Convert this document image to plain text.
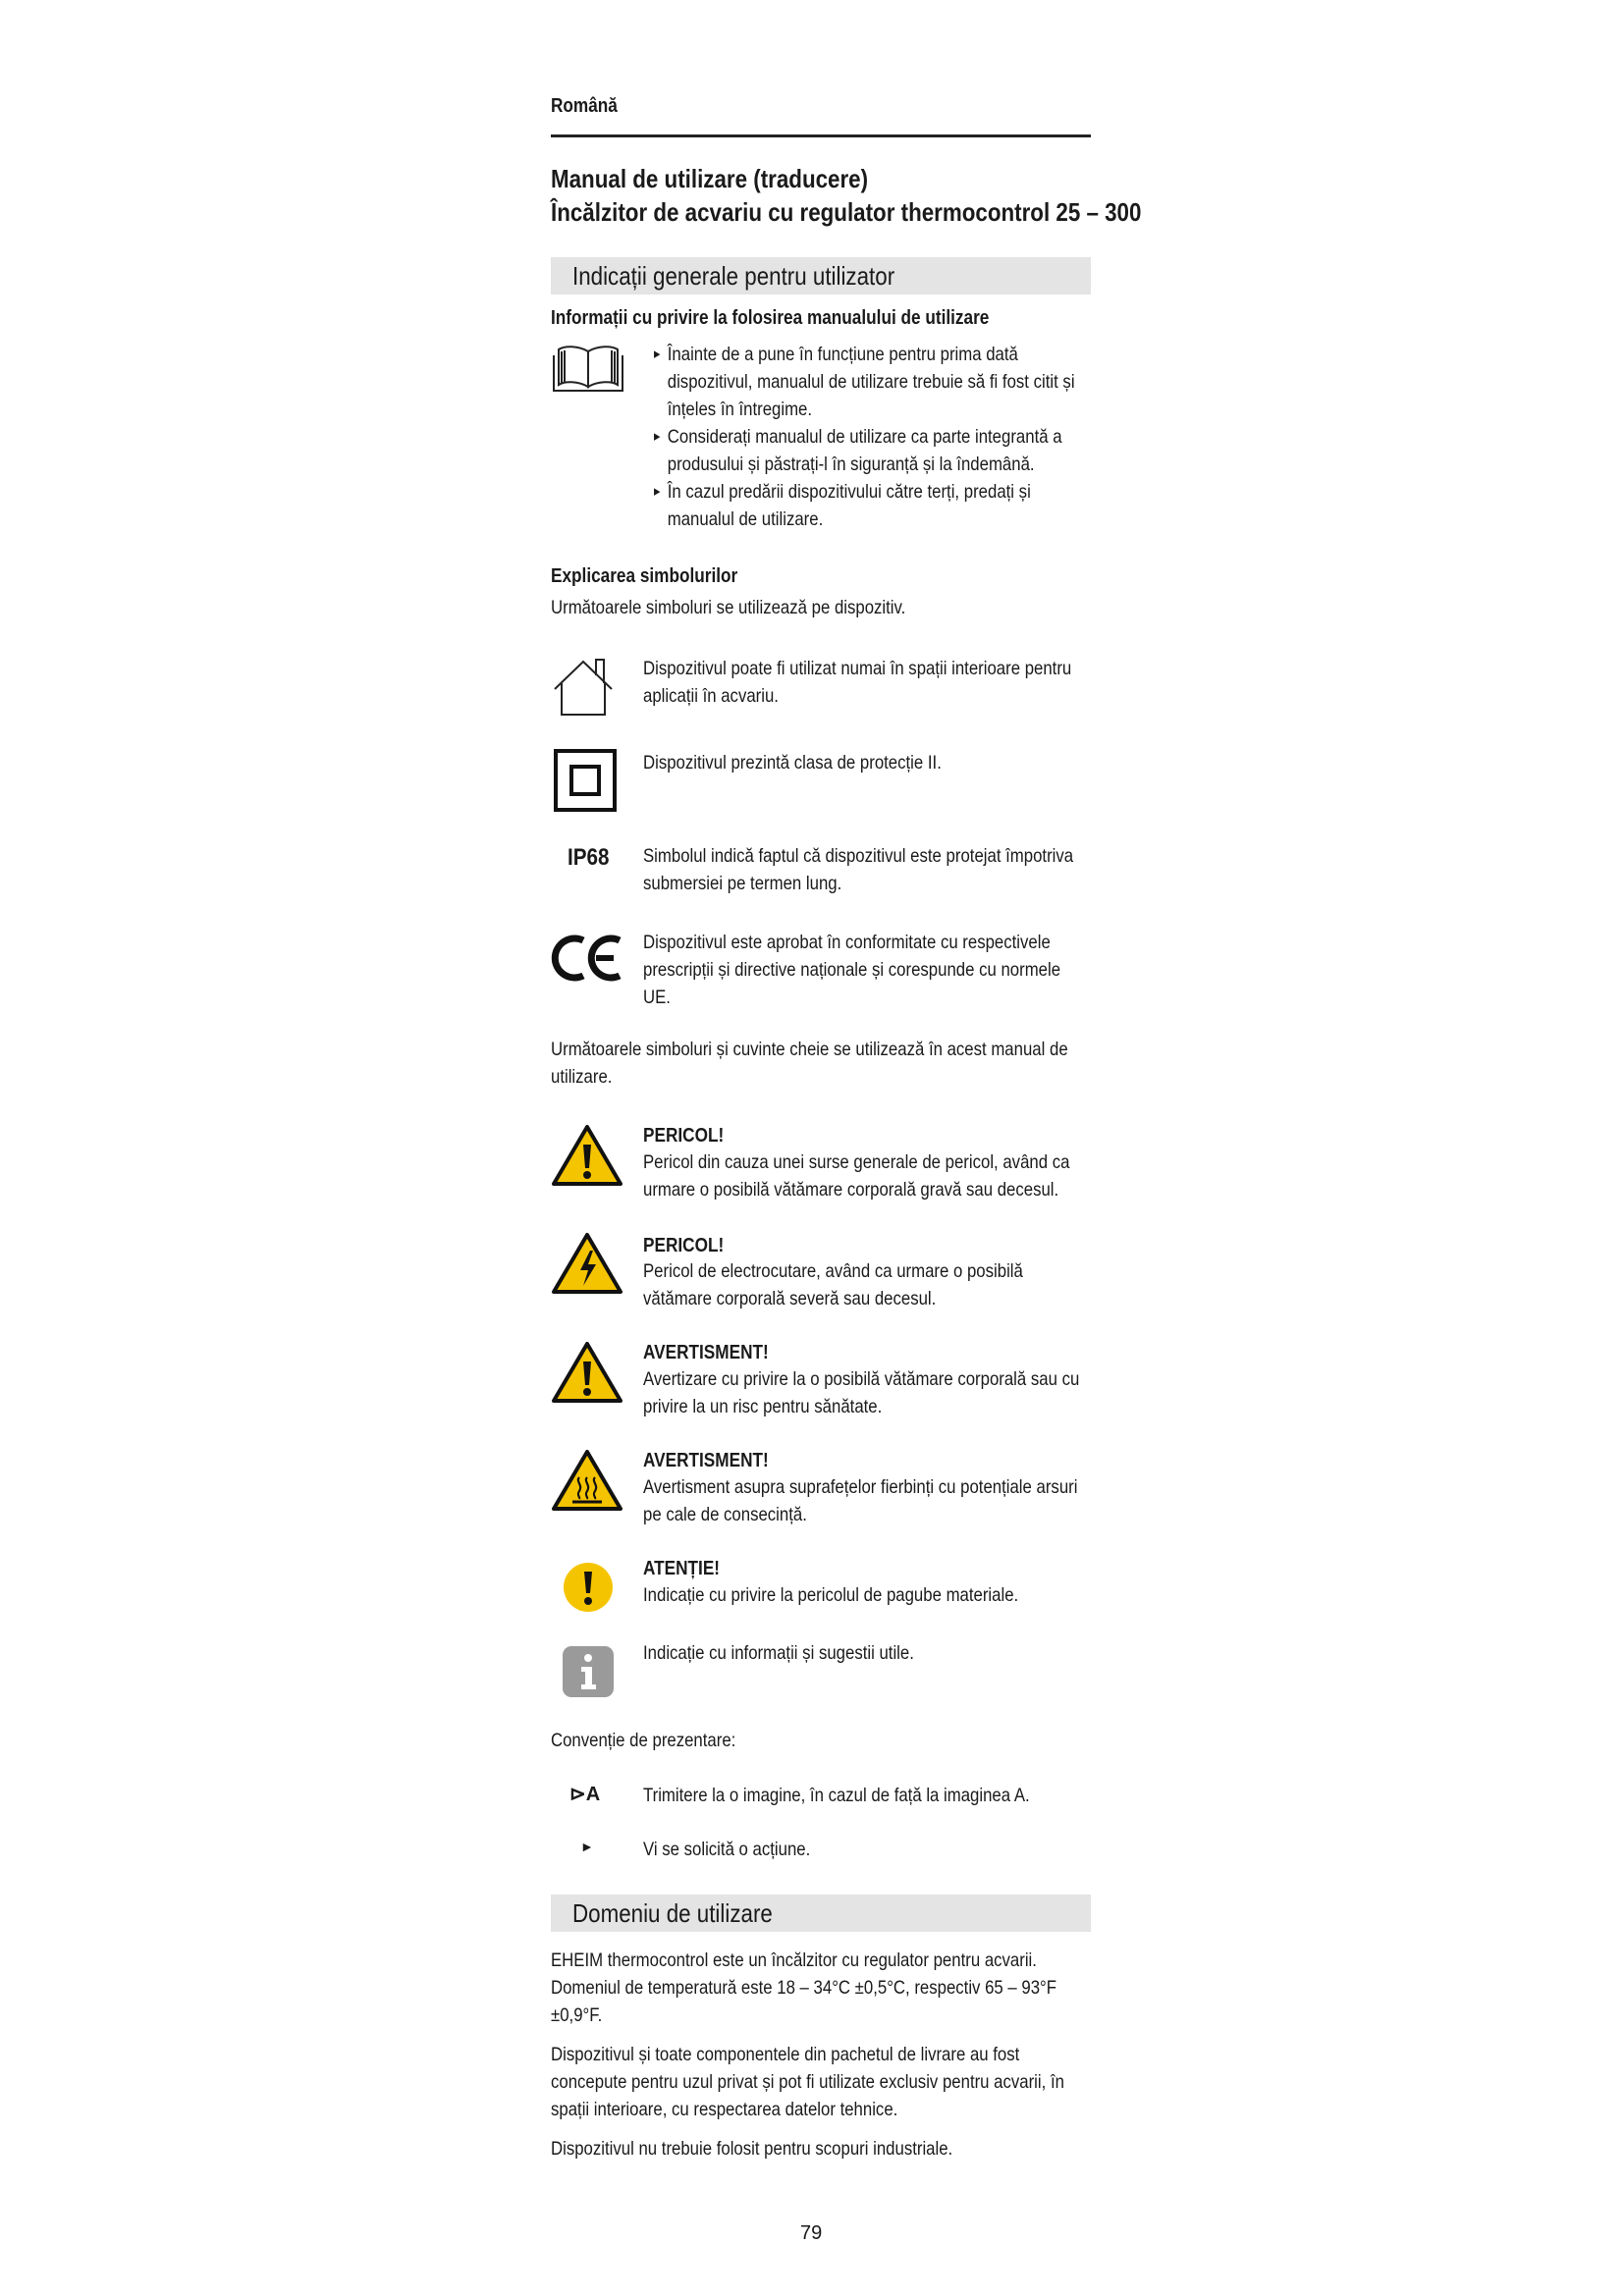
Română
Manual de utilizare (traducere)
Încălzitor de acvariu cu regulator thermocontrol 25 – 300
Indicații generale pentru utilizator
Informații cu privire la folosirea manualului de utilizare
▸ Înainte de a pune în funcțiune pentru prima dată dispozitivul, manualul de utilizare trebuie să fi fost citit și înțeles în întregime.
▸ Considerați manualul de utilizare ca parte integrantă a produsului și păstrați-l în siguranță și la îndemână.
▸ În cazul predării dispozitivului către terți, predați și manualul de utilizare.
Explicarea simbolurilor
Următoarele simboluri se utilizează pe dispozitiv.
Dispozitivul poate fi utilizat numai în spații interioare pentru aplicații în acvariu.
Dispozitivul prezintă clasa de protecție II.
IP68 Simbolul indică faptul că dispozitivul este protejat împotriva submersiei pe termen lung.
Dispozitivul este aprobat în conformitate cu respectivele prescripții și directive naționale și corespunde cu normele UE.
Următoarele simboluri și cuvinte cheie se utilizează în acest manual de utilizare.
PERICOL!
Pericol din cauza unei surse generale de pericol, având ca urmare o posibilă vătămare corporală gravă sau decesul.
PERICOL!
Pericol de electrocutare, având ca urmare o posibilă vătămare corporală severă sau decesul.
AVERTISMENT!
Avertizare cu privire la o posibilă vătămare corporală sau cu privire la un risc pentru sănătate.
AVERTISMENT!
Avertisment asupra suprafețelor fierbinți cu potențiale arsuri pe cale de consecință.
ATENȚIE!
Indicație cu privire la pericolul de pagube materiale.
Indicație cu informații și sugestii utile.
Convenție de prezentare:
⊳A Trimitere la o imagine, în cazul de față la imaginea A.
►	Vi se solicită o acțiune.
Domeniu de utilizare
EHEIM thermocontrol este un încălzitor cu regulator pentru acvarii. Domeniul de temperatură este 18 – 34°C ±0,5°C, respectiv 65 – 93°F ±0,9°F.
Dispozitivul și toate componentele din pachetul de livrare au fost concepute pentru uzul privat și pot fi utilizate exclusiv pentru acvarii, în spații interioare, cu respectarea datelor tehnice.
Dispozitivul nu trebuie folosit pentru scopuri industriale.
79
